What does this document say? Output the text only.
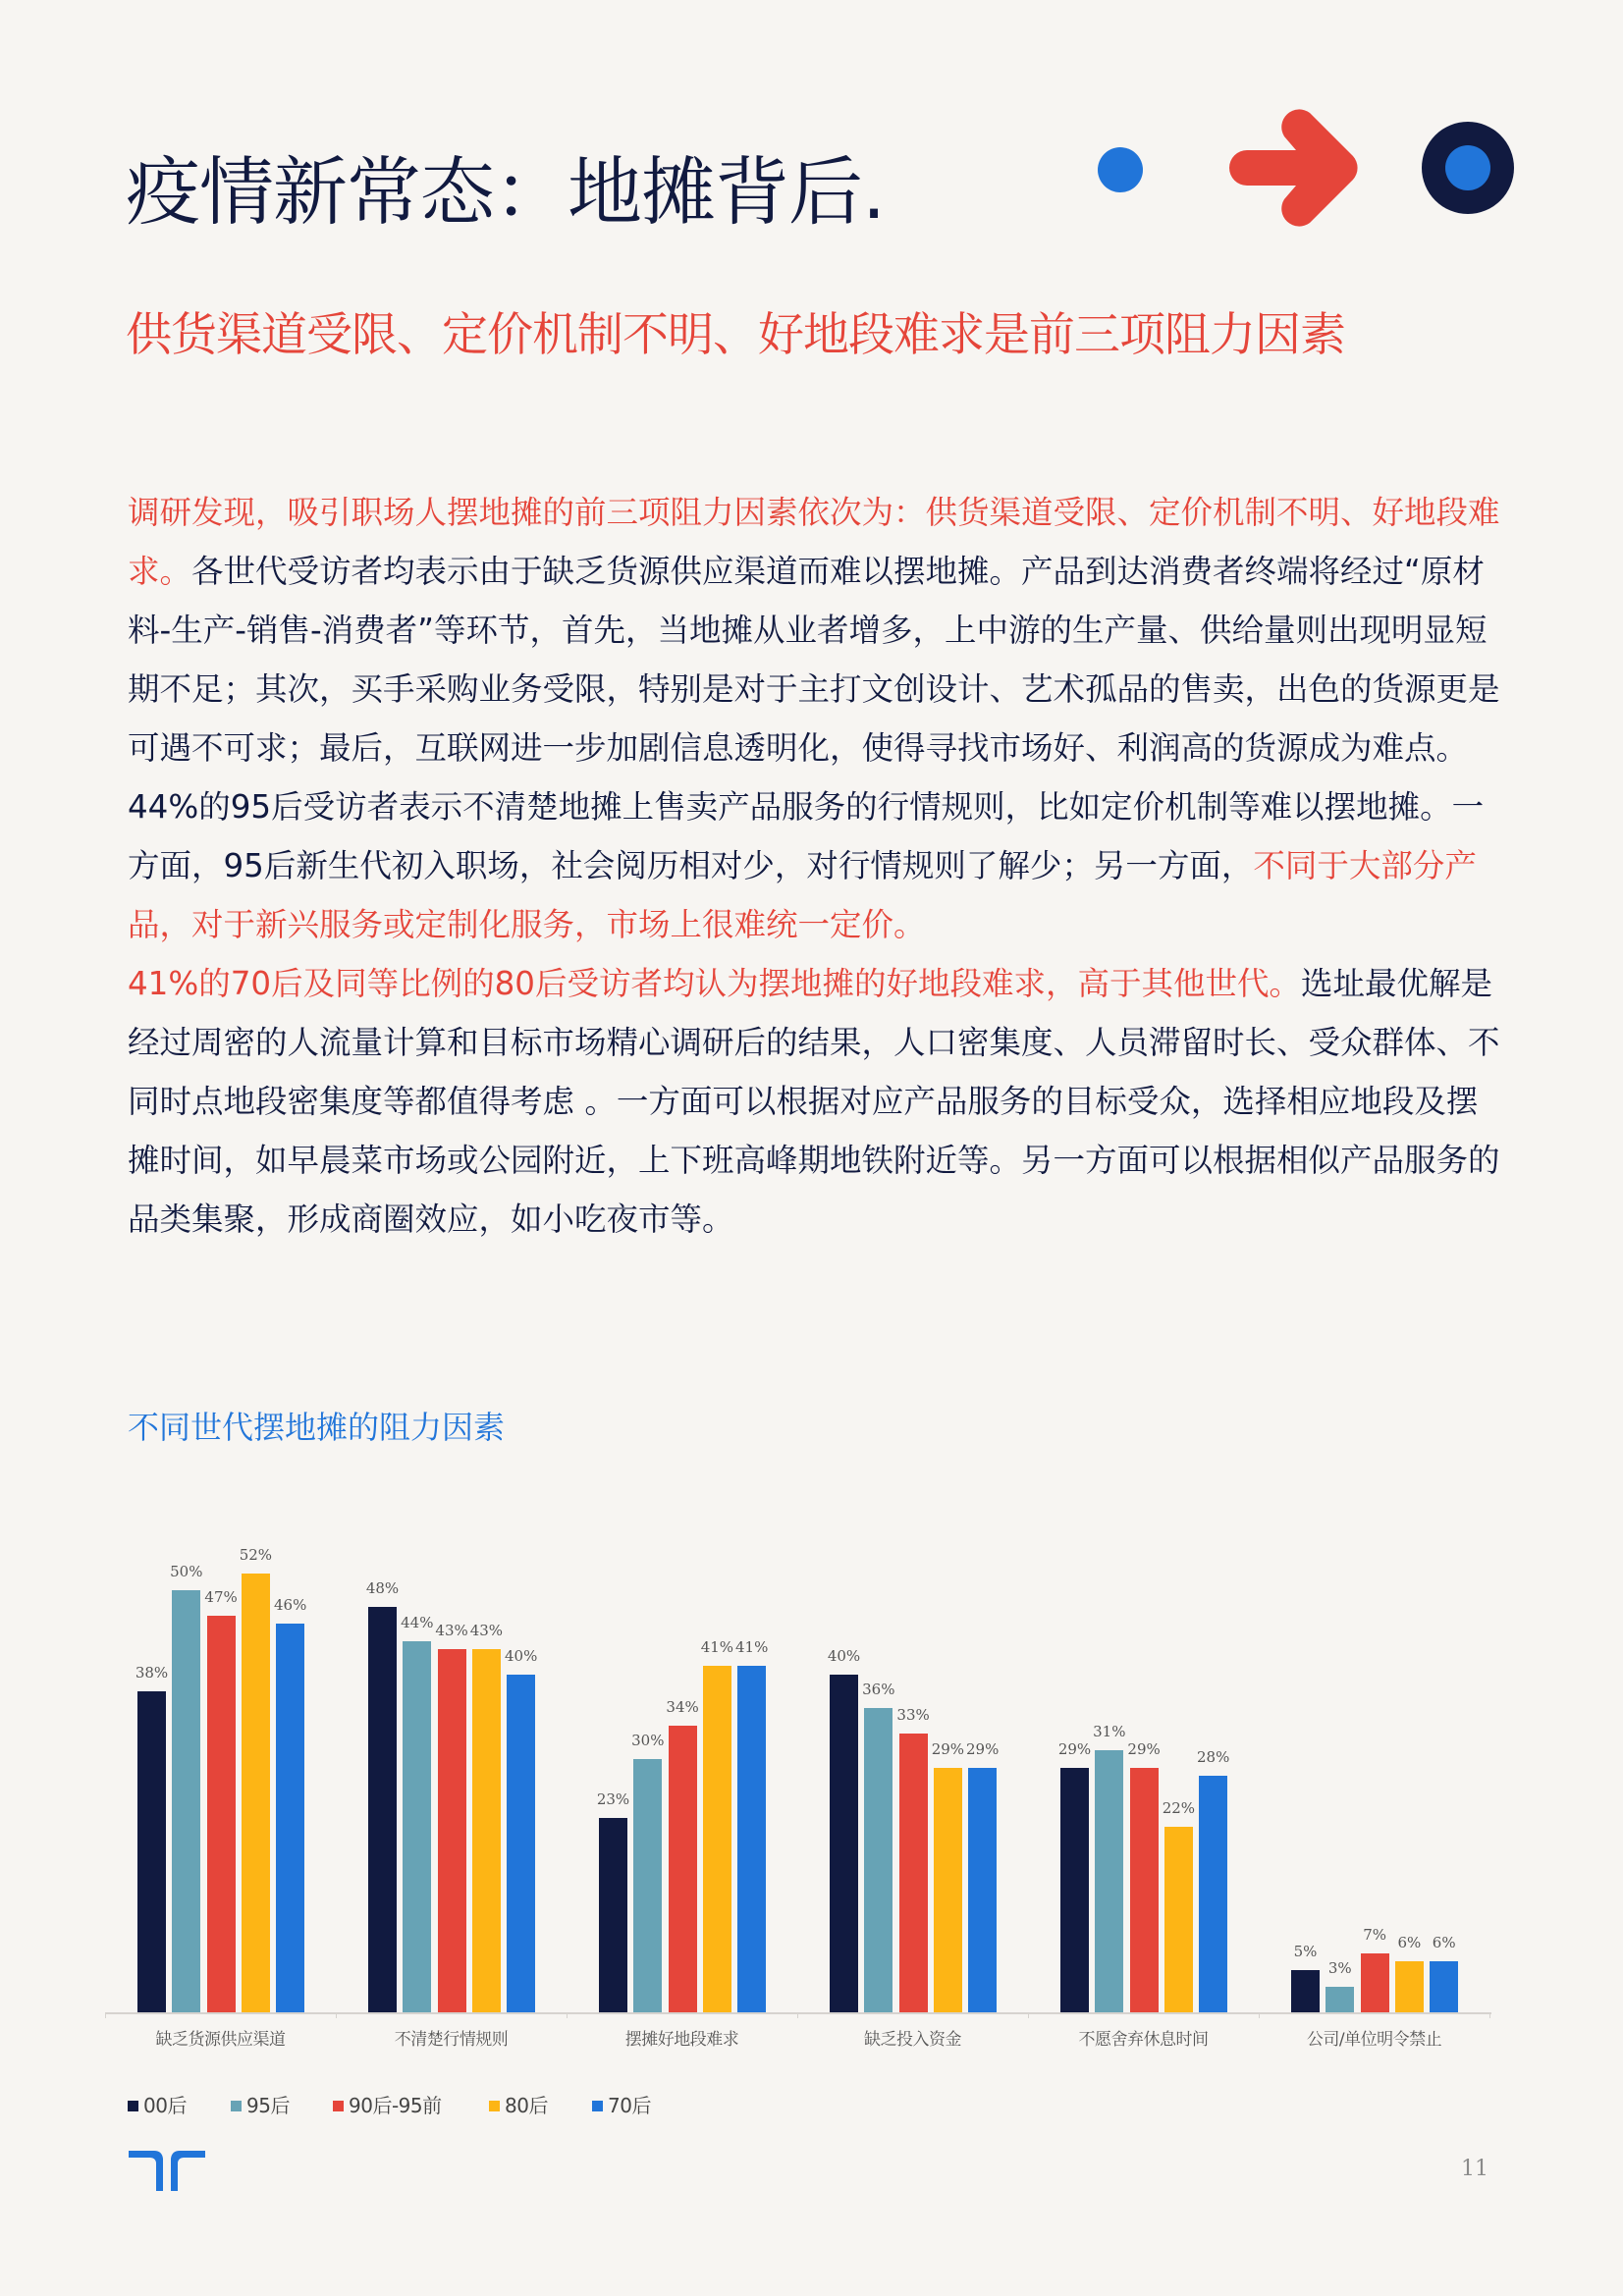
疫情新常态：地摊背后.
供货渠道受限、定价机制不明、好地段难求是前三项阻力因素

调研发现，吸引职场人摆地摊的前三项阻力因素依次为：供货渠道受限、定价机制不明、好地段难求。各世代受访者均表示由于缺乏货源供应渠道而难以摆地摊。产品到达消费者终端将经过“原材料-生产-销售-消费者”等环节，首先，当地摊从业者增多，上中游的生产量、供给量则出现明显短期不足；其次，买手采购业务受限，特别是对于主打文创设计、艺术孤品的售卖，出色的货源更是可遇不可求；最后，互联网进一步加剧信息透明化，使得寻找市场好、利润高的货源成为难点。

44%的95后受访者表示不清楚地摊上售卖产品服务的行情规则，比如定价机制等难以摆地摊。一方面，95后新生代初入职场，社会阅历相对少，对行情规则了解少；另一方面，不同于大部分产品，对于新兴服务或定制化服务，市场上很难统一定价。

41%的70后及同等比例的80后受访者均认为摆地摊的好地段难求，高于其他世代。选址最优解是经过周密的人流量计算和目标市场精心调研后的结果，人口密集度、人员滞留时长、受众群体、不同时点地段密集度等都值得考虑 。一方面可以根据对应产品服务的目标受众，选择相应地段及摆摊时间，如早晨菜市场或公园附近，上下班高峰期地铁附近等。另一方面可以根据相似产品服务的品类集聚，形成商圈效应，如小吃夜市等。

不同世代摆地摊的阻力因素
38%
50%
47%
52%
46%
缺乏货源供应渠道
48%
44% 43% 43%
40%
不清楚行情规则
23%
30%
34%
41% 41%
摆摊好地段难求
40%
36%
33%
29% 29%
缺乏投入资金
29%
31%
29%
22%
28%
不愿舍弃休息时间
5%
3%
7% 6% 6%
公司/单位明令禁止
00后	95后	90后-95前	80后	70后
11
